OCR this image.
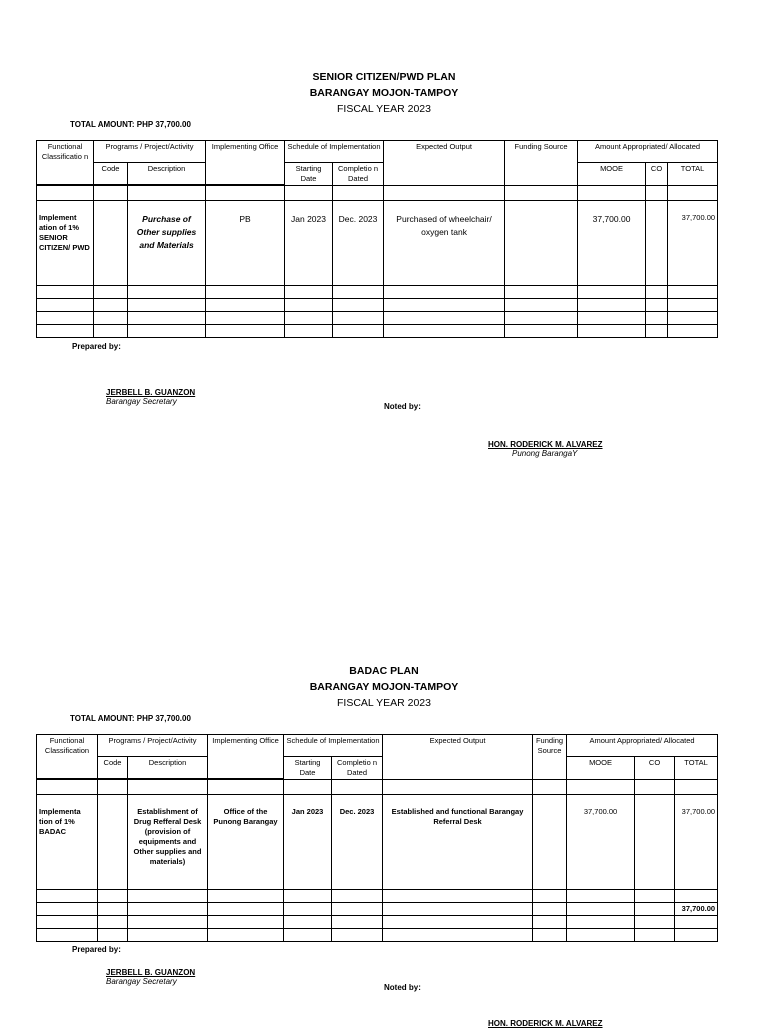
SENIOR CITIZEN/PWD PLAN
BARANGAY MOJON-TAMPOY
FISCAL YEAR 2023
TOTAL AMOUNT: PHP 37,700.00
Functional Classificatio n	Programs / Project/Activity		Implementing Office	Schedule of Implementation		Expected Output	Funding Source	Amount Appropriated/ Allocated		
	Code	Description		Starting Date	Completio n Dated			MOOE	CO	TOTAL

Implement ation of 1% SENIOR CITIZEN/ PWD		Purchase of Other supplies and Materials	PB	Jan 2023	Dec. 2023	Purchased of wheelchair/ oxygen tank		37,700.00		37,700.00

Prepared by:
JERBELL B. GUANZON
Barangay Secretary
Noted by:
HON. RODERICK M. ALVAREZ
Punong BarangaY
BADAC PLAN
BARANGAY MOJON-TAMPOY
FISCAL YEAR 2023
TOTAL AMOUNT: PHP 37,700.00
Functional Classification	Programs / Project/Activity		Implementing Office	Schedule of Implementation		Expected Output	Funding Source	Amount Appropriated/ Allocated		
	Code	Description		Starting Date	Completio n Dated			MOOE	CO	TOTAL

Implementa tion of 1% BADAC		Establishment of Drug Refferal Desk (provision of equipments and Other supplies and materials)	Office of the Punong Barangay	Jan 2023	Dec. 2023	Established and functional Barangay Referral Desk		37,700.00		37,700.00

										37,700.00

Prepared by:
JERBELL B. GUANZON
Barangay Secretary
Noted by:
HON. RODERICK M. ALVAREZ
